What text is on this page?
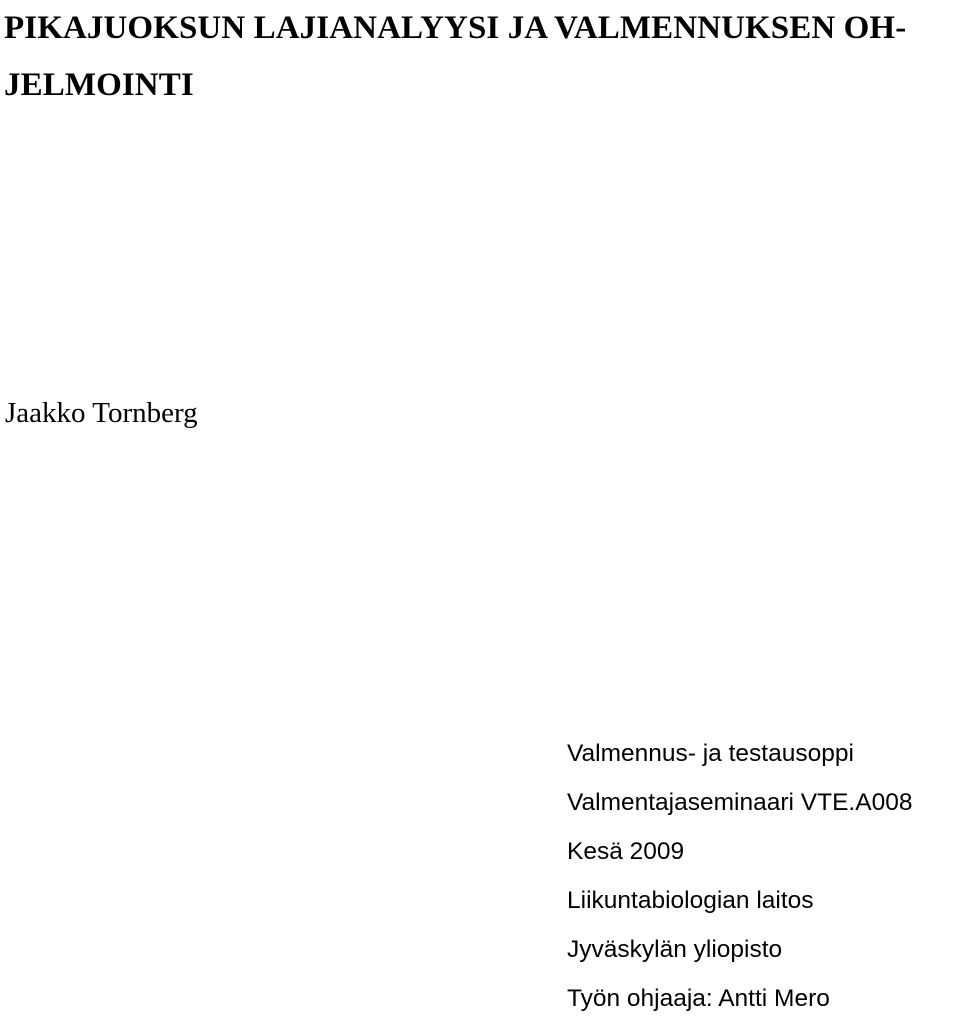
PIKAJUOKSUN LAJIANALYYSI JA VALMENNUKSEN OH-
JELMOINTI

Jaakko Tornberg

Valmennus- ja testausoppi
Valmentajaseminaari VTE.A008
Kesä 2009
Liikuntabiologian laitos
Jyväskylän yliopisto
Työn ohjaaja: Antti Mero
